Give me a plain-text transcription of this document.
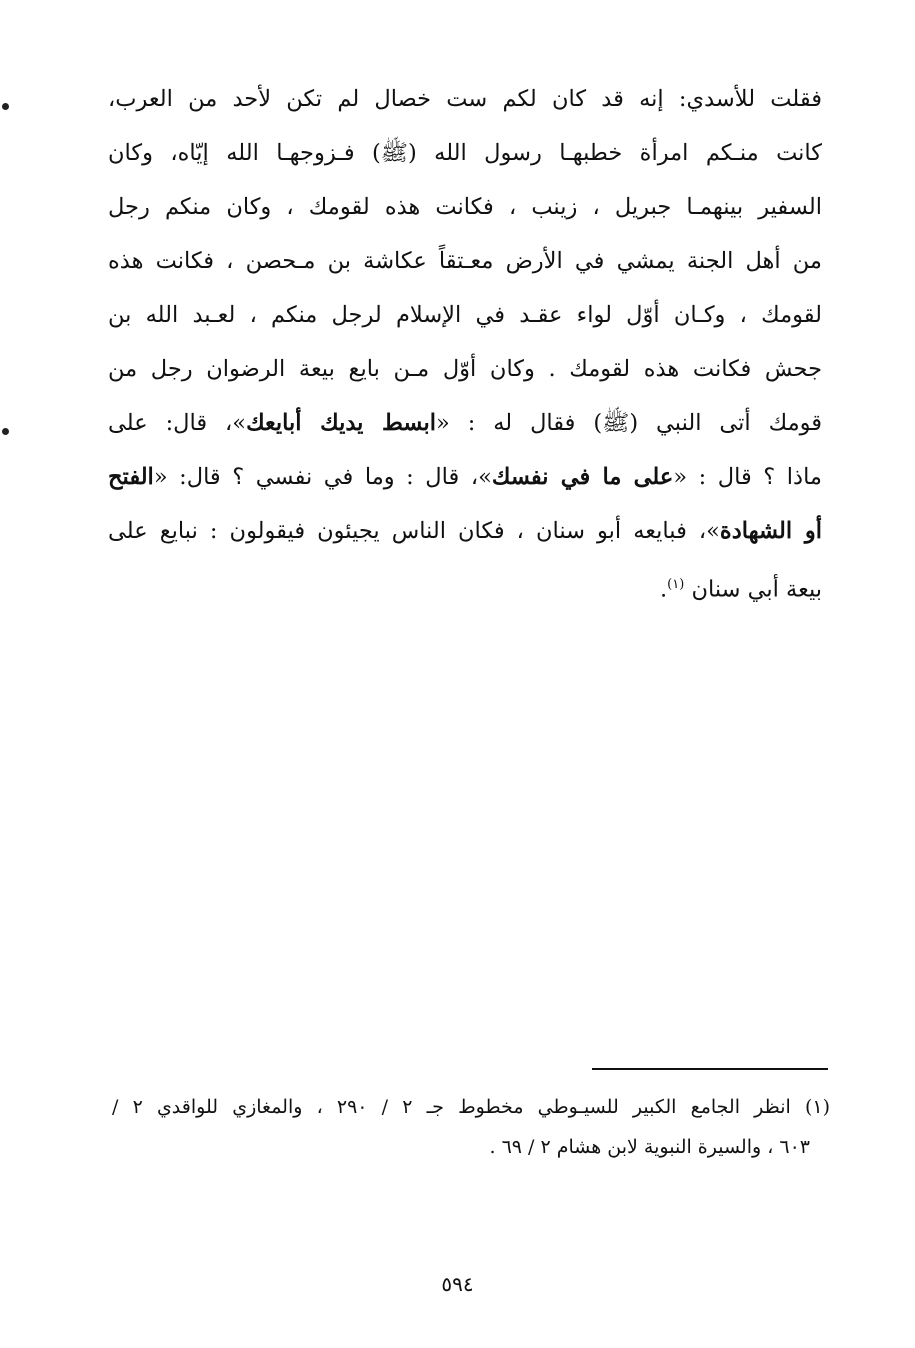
فقلت للأسدي: إنه قد كان لكم ست خصال لم تكن لأحد من العرب،
كانت منـكم امرأة خطبهـا رسول الله (ﷺ) فـزوجهـا الله إيّاه، وكان
السفير بينهمـا جبريل ، زينب ، فكانت هذه لقومك ، وكان منكم رجل
من أهل الجنة يمشي في الأرض معـتقاً عكاشة بن مـحصن ، فكانت هذه
لقومك ، وكـان أوّل لواء عقـد في الإسلام لرجل منكم ، لعـبد الله بن
جحش فكانت هذه لقومك . وكان أوّل مـن بايع بيعة الرضوان رجل من
قومك أتى النبي (ﷺ) فقال له : «ابسط يديك أبايعك»، قال: على
ماذا ؟ قال : «على ما في نفسك»، قال : وما في نفسي ؟ قال: «الفتح
أو الشهادة»، فبايعه أبو سنان ، فكان الناس يجيئون فيقولون : نبايع على
بيعة أبي سنان $^{(١)}$.
(١) انظر الجامع الكبير للسيـوطي مخطوط جـ ٢ / ٢٩٠ ، والمغازي للواقدي ٢ /
٦٠٣ ، والسيرة النبوية لابن هشام ٢ / ٦٩ .
٥٩٤
